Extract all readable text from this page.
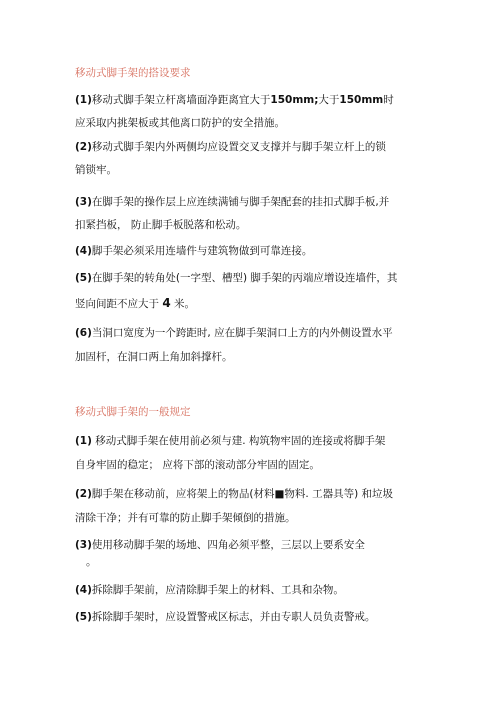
移动式脚手架的搭设要求
(1)移动式脚手架立杆离墙面净距离宜大于150mm;大于150mm时
应采取内挑架板或其他离口防护的安全措施。
(2)移动式脚手架内外两侧均应设置交叉支撑并与脚手架立杆上的锁
销锁牢。
(3)在脚手架的操作层上应连续满铺与脚手架配套的挂扣式脚手板,并
扣紧挡板， 防止脚手板脱落和松动。
(4)脚手架必须采用连墙件与建筑物做到可靠连接。
(5)在脚手架的转角处(一字型、槽型) 脚手架的丙端应增设连墙件，其
竖向间距不应大于 4 米。
(6)当洞口宽度为一个跨距时, 应在脚手架洞口上方的内外侧设置水平
加固杆，在洞口两上角加斜撑杆。
移动式脚手架的一般规定
(1) 移动式脚手架在使用前必须与建. 构筑物牢固的连接或将脚手架
自身牢固的稳定； 应将下部的滚动部分牢固的固定。
(2)脚手架在移动前，应将架上的物品(材料■物料. 工器具等) 和垃圾
清除干净；并有可靠的防止脚手架倾倒的措施。
(3)使用移动脚手架的场地、四角必须平整，三层以上要系安全
。
(4)拆除脚手架前，应清除脚手架上的材料、工具和杂物。
(5)拆除脚手架时，应设置警戒区标志，并由专职人员负责警戒。
